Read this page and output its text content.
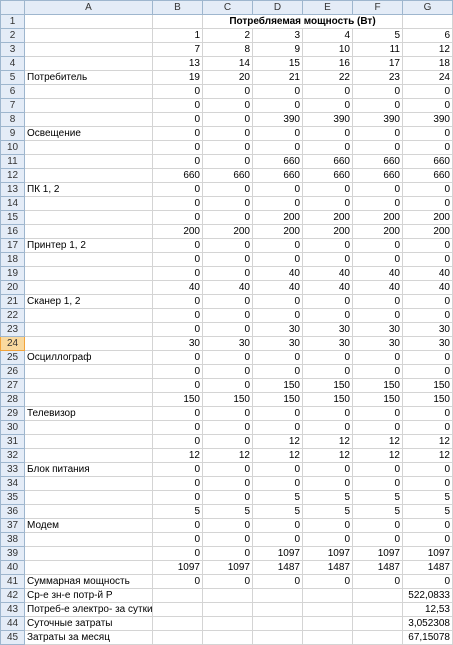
	A	B	C	D	E	F	G
1			Потребляемая мощность (Вт)				
2		1	2	3	4	5	6
3		7	8	9	10	11	12
4		13	14	15	16	17	18
5	Потребитель	19	20	21	22	23	24
6		0	0	0	0	0	0
7		0	0	0	0	0	0
8		0	0	390	390	390	390
9	Освещение	0	0	0	0	0	0
10		0	0	0	0	0	0
11		0	0	660	660	660	660
12		660	660	660	660	660	660
13	ПК 1, 2	0	0	0	0	0	0
14		0	0	0	0	0	0
15		0	0	200	200	200	200
16		200	200	200	200	200	200
17	Принтер 1, 2	0	0	0	0	0	0
18		0	0	0	0	0	0
19		0	0	40	40	40	40
20		40	40	40	40	40	40
21	Сканер 1, 2	0	0	0	0	0	0
22		0	0	0	0	0	0
23		0	0	30	30	30	30
24		30	30	30	30	30	30
25	Осциллограф	0	0	0	0	0	0
26		0	0	0	0	0	0
27		0	0	150	150	150	150
28		150	150	150	150	150	150
29	Телевизор	0	0	0	0	0	0
30		0	0	0	0	0	0
31		0	0	12	12	12	12
32		12	12	12	12	12	12
33	Блок питания	0	0	0	0	0	0
34		0	0	0	0	0	0
35		0	0	5	5	5	5
36		5	5	5	5	5	5
37	Модем	0	0	0	0	0	0
38		0	0	0	0	0	0
39		0	0	1097	1097	1097	1097
40		1097	1097	1487	1487	1487	1487
41	Суммарная мощность	0	0	0	0	0	0
42	Ср-е зн-е потр-й Р						522,0833
43	Потреб-е электро- за сутки						12,53
44	Суточные затраты						3,052308
45	Затраты за месяц						67,15078
